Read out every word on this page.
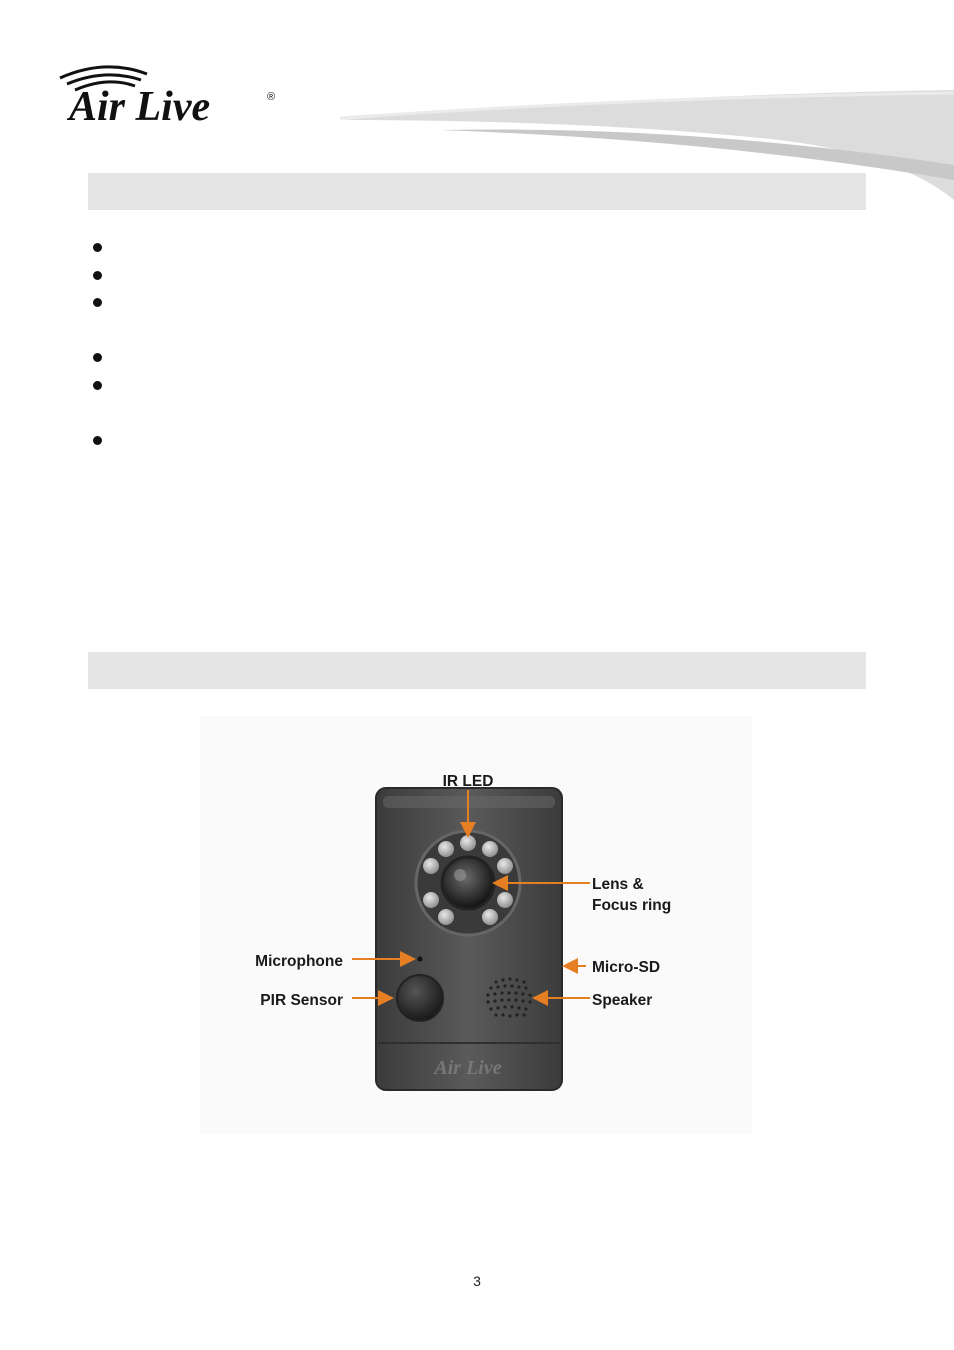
Air Live	®
Air Live
IR LED
Lens &
Focus ring
Microphone	Micro-SD
PIR Sensor	Speaker
3
